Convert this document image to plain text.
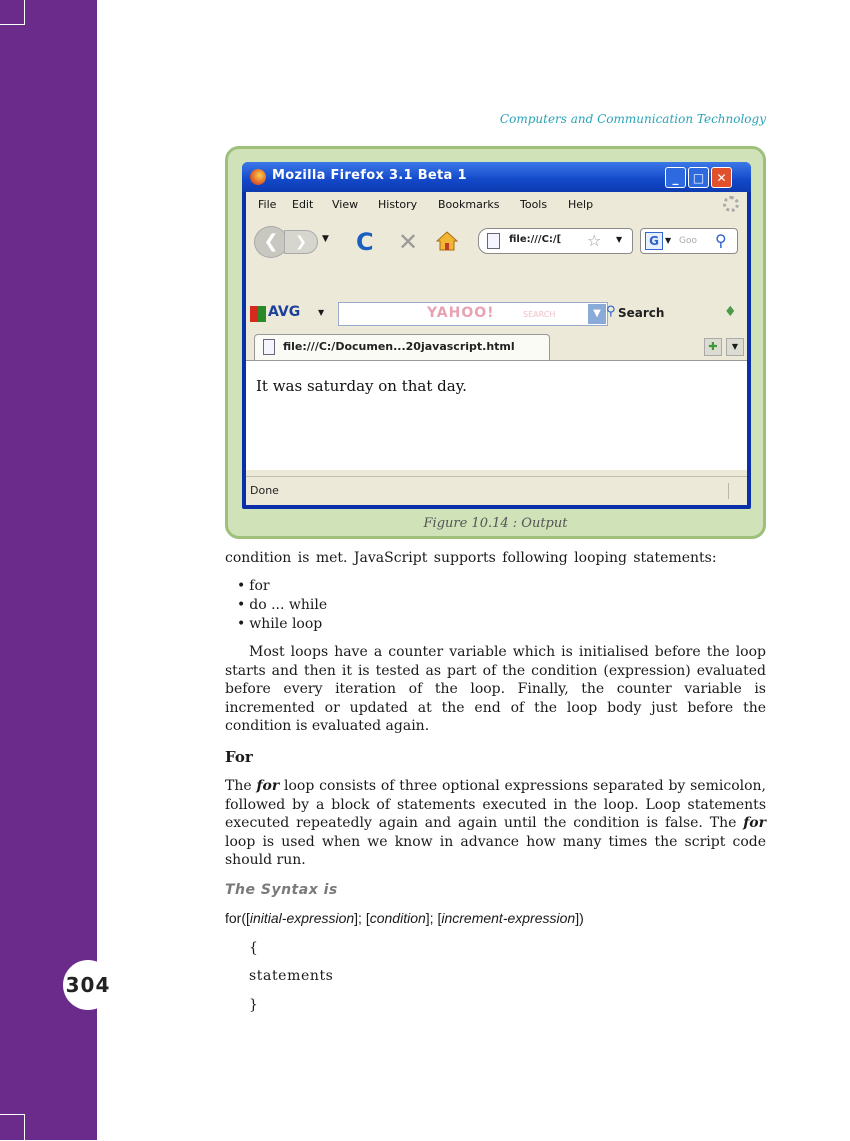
304
Computers and Communication Technology
Mozilla Firefox 3.1 Beta 1	_	□	✕
File Edit View History Bookmarks Tools Help
❮	❯	▼ C ✕	file:///C:/[ ☆ ▼	G ▼ Goo ⚲
AVG ▼	YAHOO!	SEARCH	▼ ⚲ Search	♦
file:///C:/Documen...20javascript.html	✚	▼
It was saturday on that day.
Done
Figure 10.14 : Output
condition is met. JavaScript supports following looping statements:
• for
• do ... while
• while loop
Most loops have a counter variable which is initialised before the loop starts and then it is tested as part of the condition (expression) evaluated before every iteration of the loop. Finally, the counter variable is incremented or updated at the end of the loop body just before the condition is evaluated again.
For
The for loop consists of three optional expressions separated by semicolon, followed by a block of statements executed in the loop. Loop statements executed repeatedly again and again until the condition is false. The for loop is used when we know in advance how many times the script code should run.
The Syntax is
for([initial-expression]; [condition]; [increment-expression])
{
statements
}
